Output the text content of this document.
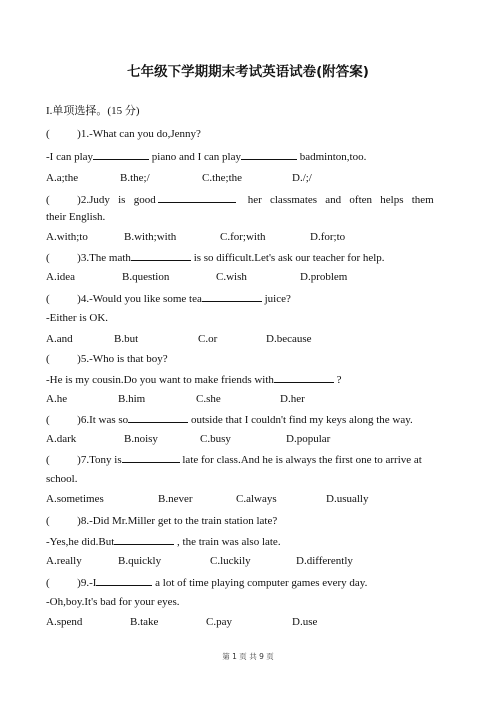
七年级下学期期末考试英语试卷(附答案)
I.单项选择。(15 分)
(          )1.-What can you do,Jenny?
-I can play	piano and I can play	badminton,too.
A.a;the	B.the;/	C.the;the	D./;/
(          )2.Judy   is   good	her   classmates   and   often   helps   them
their English.
A.with;to	B.with;with	C.for;with	D.for;to
(          )3.The math	is so difficult.Let's ask our teacher for help.
A.idea	B.question	C.wish	D.problem
(          )4.-Would you like some tea	juice?
-Either is OK.
A.and	B.but	C.or	D.because
(          )5.-Who is that boy?
-He is my cousin.Do you want to make friends with	?
A.he	B.him	C.she	D.her
(          )6.It was so	outside that I couldn't find my keys along the way.
A.dark	B.noisy	C.busy	D.popular
(          )7.Tony is	late for class.And he is always the first one to arrive at
school.
A.sometimes	B.never	C.always	D.usually
(          )8.-Did Mr.Miller get to the train station late?
-Yes,he did.But	, the train was also late.
A.really	B.quickly	C.luckily	D.differently
(          )9.-I	a lot of time playing computer games every day.
-Oh,boy.It's bad for your eyes.
A.spend	B.take	C.pay	D.use
第 1 页 共 9 页
